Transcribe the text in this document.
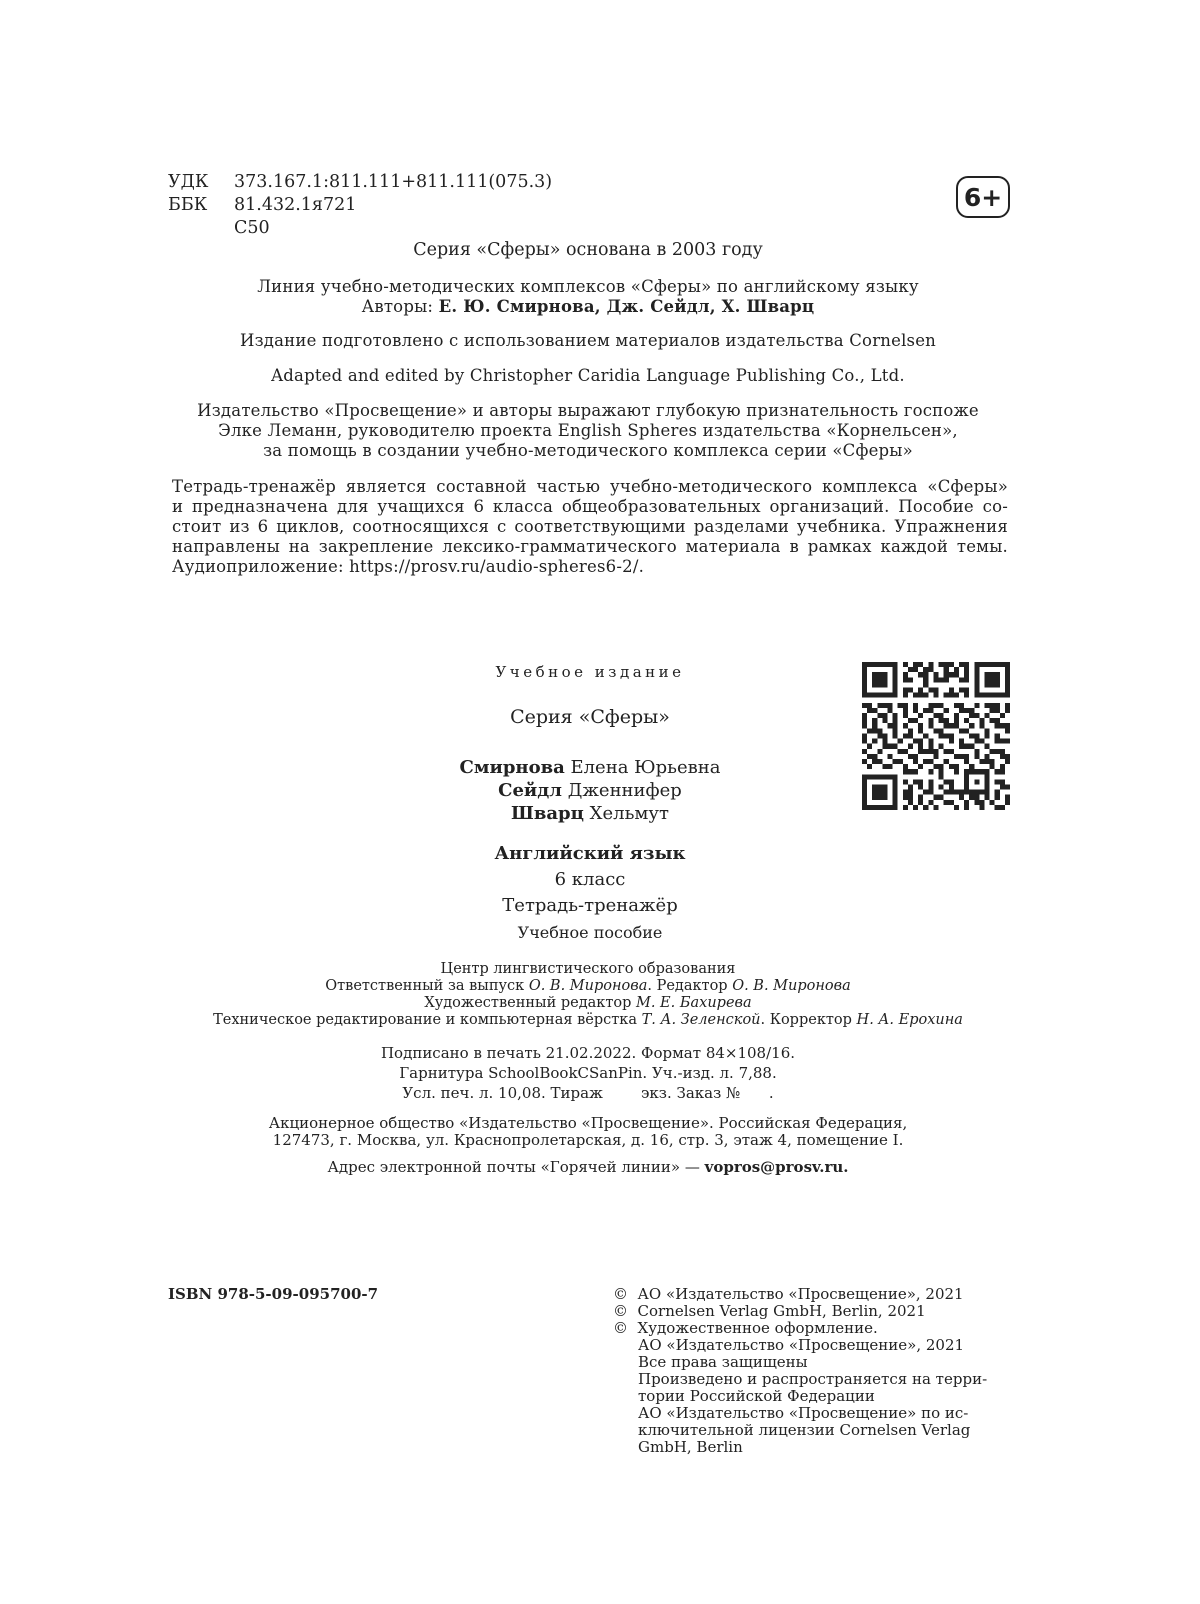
УДК 373.167.1:811.111+811.111(075.3)
ББК 81.432.1я721
С50
6+
Серия «Сферы» основана в 2003 году
Линия учебно-методических комплексов «Сферы» по английскому языку
Авторы: Е. Ю. Смирнова, Дж. Сейдл, Х. Шварц
Издание подготовлено с использованием материалов издательства Cornelsen
Adapted and edited by Christopher Caridia Language Publishing Co., Ltd.
Издательство «Просвещение» и авторы выражают глубокую признательность госпоже
Элке Леманн, руководителю проекта English Spheres издательства «Корнельсен»,
за помощь в создании учебно-методического комплекса серии «Сферы»
Тетрадь-тренажёр является составной частью учебно-методического комплекса «Сферы»
и предназначена для учащихся 6 класса общеобразовательных организаций. Пособие со-
стоит из 6 циклов, соотносящихся с соответствующими разделами учебника. Упражнения
направлены на закрепление лексико-грамматического материала в рамках каждой темы.
Аудиоприложение: https://prosv.ru/audio-spheres6-2/.
Учебное издание
Серия «Сферы»
Смирнова Елена Юрьевна
Сейдл Дженнифер
Шварц Хельмут
Английский язык
6 класс
Тетрадь-тренажёр
Учебное пособие
Центр лингвистического образования
Ответственный за выпуск О. В. Миронова. Редактор О. В. Миронова
Художественный редактор М. Е. Бахирева
Техническое редактирование и компьютерная вёрстка Т. А. Зеленской. Корректор Н. А. Ерохина
Подписано в печать 21.02.2022. Формат 84×108/16.
Гарнитура SchoolBookCSanPin. Уч.-изд. л. 7,88.
Усл. печ. л. 10,08. Тираж        экз. Заказ №      .
Акционерное общество «Издательство «Просвещение». Российская Федерация,
127473, г. Москва, ул. Краснопролетарская, д. 16, стр. 3, этаж 4, помещение I.
Адрес электронной почты «Горячей линии» — vopros@prosv.ru.
ISBN 978-5-09-095700-7	©  АО «Издательство «Просвещение», 2021
©  Cornelsen Verlag GmbH, Berlin, 2021
©  Художественное оформление.
АО «Издательство «Просвещение», 2021
Все права защищены
Произведено и распространяется на терри-
тории Российской Федерации
АО «Издательство «Просвещение» по ис-
ключительной лицензии Cornelsen Verlag
GmbH, Berlin
